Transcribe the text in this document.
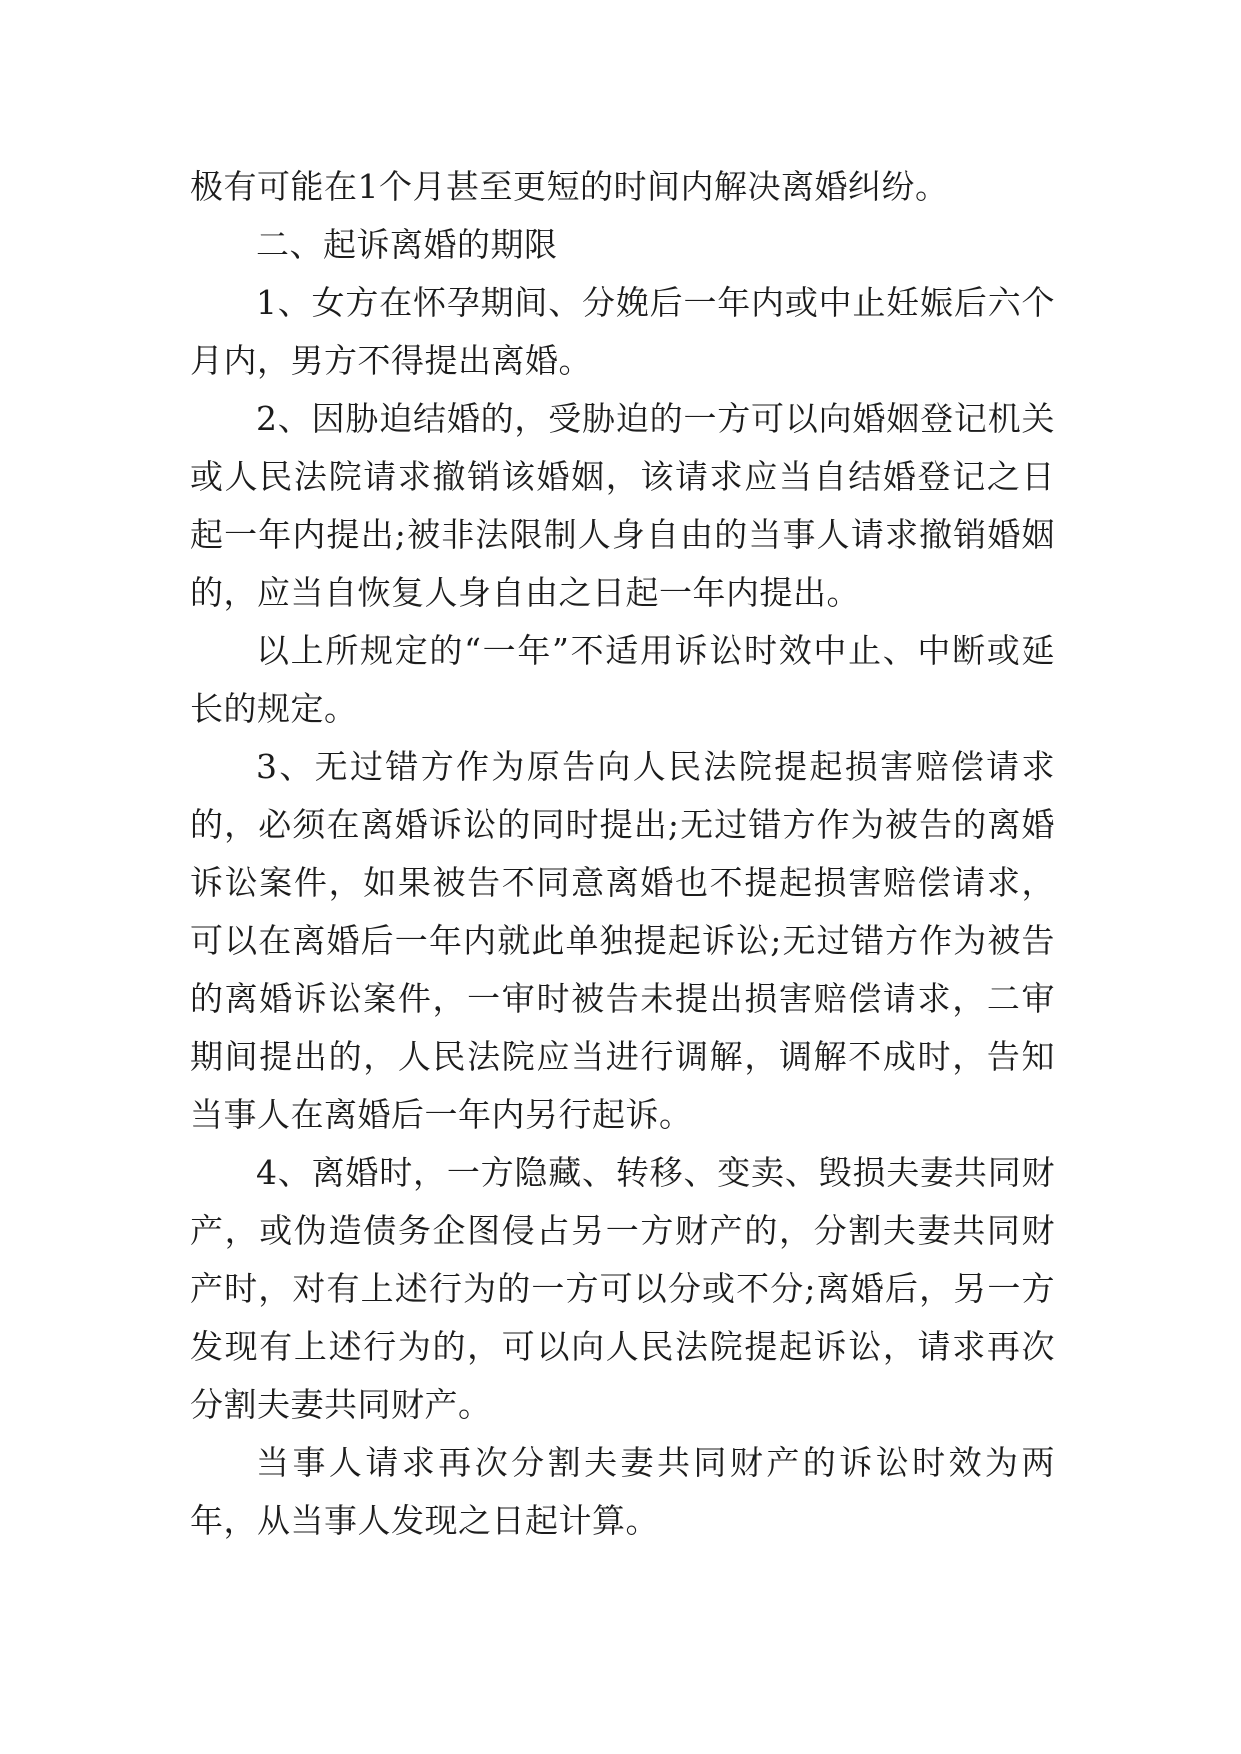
极有可能在1个月甚至更短的时间内解决离婚纠纷。

二、起诉离婚的期限

1、女方在怀孕期间、分娩后一年内或中止妊娠后六个月内，男方不得提出离婚。

2、因胁迫结婚的，受胁迫的一方可以向婚姻登记机关或人民法院请求撤销该婚姻，该请求应当自结婚登记之日起一年内提出;被非法限制人身自由的当事人请求撤销婚姻的，应当自恢复人身自由之日起一年内提出。

以上所规定的“一年”不适用诉讼时效中止、中断或延长的规定。

3、无过错方作为原告向人民法院提起损害赔偿请求的，必须在离婚诉讼的同时提出;无过错方作为被告的离婚诉讼案件，如果被告不同意离婚也不提起损害赔偿请求，可以在离婚后一年内就此单独提起诉讼;无过错方作为被告的离婚诉讼案件，一审时被告未提出损害赔偿请求，二审期间提出的，人民法院应当进行调解，调解不成时，告知当事人在离婚后一年内另行起诉。

4、离婚时，一方隐藏、转移、变卖、毁损夫妻共同财产，或伪造债务企图侵占另一方财产的，分割夫妻共同财产时，对有上述行为的一方可以分或不分;离婚后，另一方发现有上述行为的，可以向人民法院提起诉讼，请求再次分割夫妻共同财产。

当事人请求再次分割夫妻共同财产的诉讼时效为两年，从当事人发现之日起计算。
